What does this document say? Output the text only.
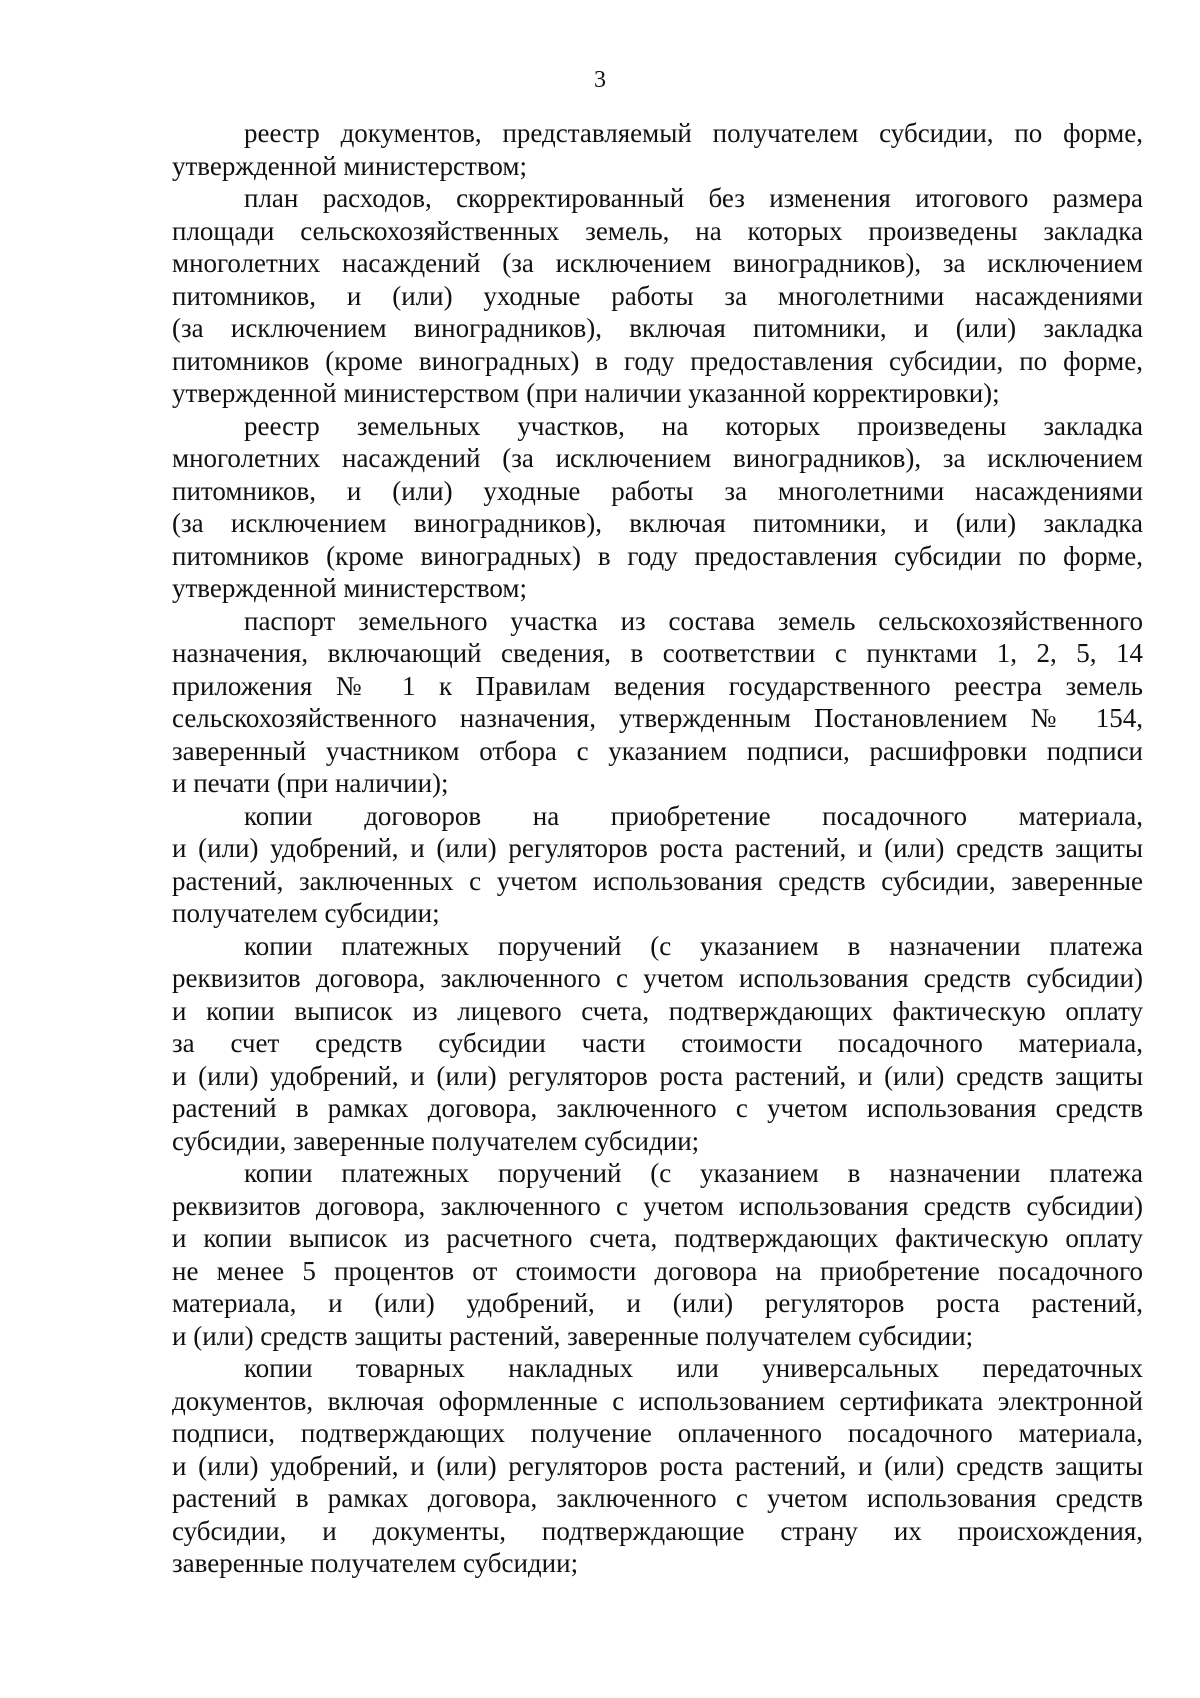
3
реестр документов, представляемый получателем субсидии, по форме,
утвержденной министерством;
план расходов, скорректированный без изменения итогового размера
площади сельскохозяйственных земель, на которых произведены закладка
многолетних насаждений (за исключением виноградников), за исключением
питомников, и (или) уходные работы за многолетними насаждениями
(за исключением виноградников), включая питомники, и (или) закладка
питомников (кроме виноградных) в году предоставления субсидии, по форме,
утвержденной министерством (при наличии указанной корректировки);
реестр земельных участков, на которых произведены закладка
многолетних насаждений (за исключением виноградников), за исключением
питомников, и (или) уходные работы за многолетними насаждениями
(за исключением виноградников), включая питомники, и (или) закладка
питомников (кроме виноградных) в году предоставления субсидии по форме,
утвержденной министерством;
паспорт земельного участка из состава земель сельскохозяйственного
назначения, включающий сведения, в соответствии с пунктами 1, 2, 5, 14
приложения № 1 к Правилам ведения государственного реестра земель
сельскохозяйственного назначения, утвержденным Постановлением № 154,
заверенный участником отбора с указанием подписи, расшифровки подписи
и печати (при наличии);
копии договоров на приобретение посадочного материала,
и (или) удобрений, и (или) регуляторов роста растений, и (или) средств защиты
растений, заключенных с учетом использования средств субсидии, заверенные
получателем субсидии;
копии платежных поручений (с указанием в назначении платежа
реквизитов договора, заключенного с учетом использования средств субсидии)
и копии выписок из лицевого счета, подтверждающих фактическую оплату
за счет средств субсидии части стоимости посадочного материала,
и (или) удобрений, и (или) регуляторов роста растений, и (или) средств защиты
растений в рамках договора, заключенного с учетом использования средств
субсидии, заверенные получателем субсидии;
копии платежных поручений (с указанием в назначении платежа
реквизитов договора, заключенного с учетом использования средств субсидии)
и копии выписок из расчетного счета, подтверждающих фактическую оплату
не менее 5 процентов от стоимости договора на приобретение посадочного
материала, и (или) удобрений, и (или) регуляторов роста растений,
и (или) средств защиты растений, заверенные получателем субсидии;
копии товарных накладных или универсальных передаточных
документов, включая оформленные с использованием сертификата электронной
подписи, подтверждающих получение оплаченного посадочного материала,
и (или) удобрений, и (или) регуляторов роста растений, и (или) средств защиты
растений в рамках договора, заключенного с учетом использования средств
субсидии, и документы, подтверждающие страну их происхождения,
заверенные получателем субсидии;
